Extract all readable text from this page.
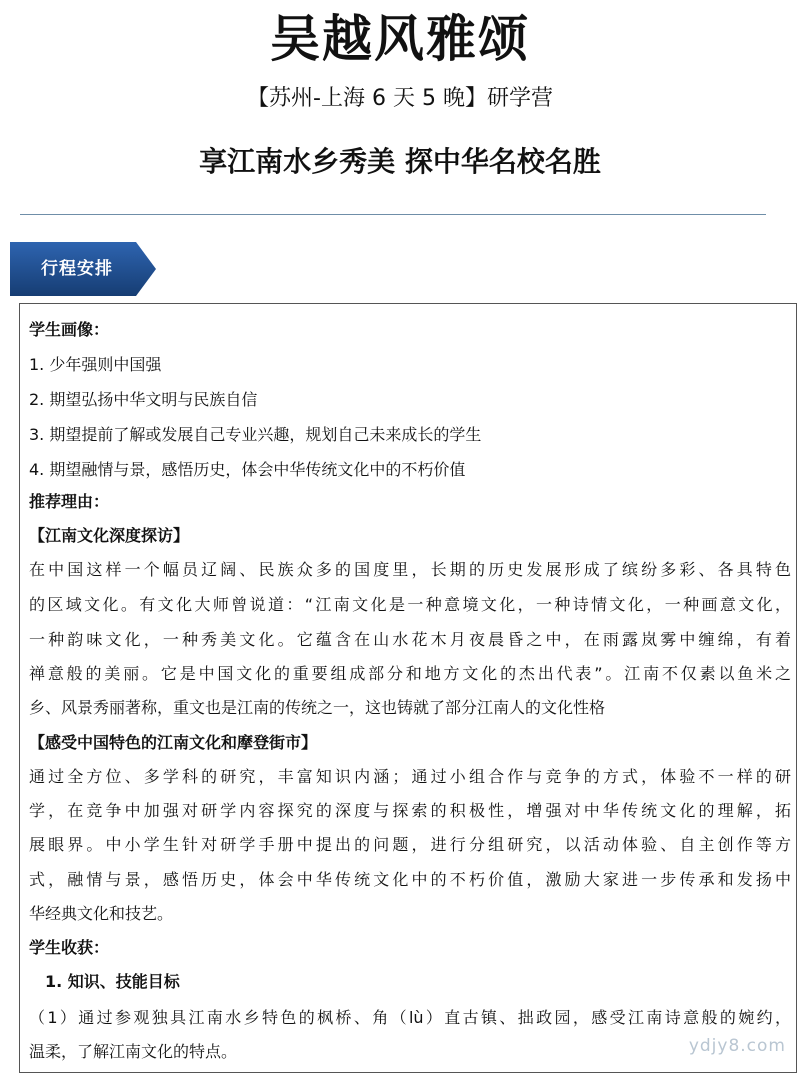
吴越风雅颂
【苏州-上海 6 天 5 晚】研学营
享江南水乡秀美 探中华名校名胜
行程安排
学生画像：
1. 少年强则中国强
2. 期望弘扬中华文明与民族自信
3. 期望提前了解或发展自己专业兴趣，规划自己未来成长的学生
4. 期望融情与景，感悟历史，体会中华传统文化中的不朽价值
推荐理由：
【江南文化深度探访】
在中国这样一个幅员辽阔、民族众多的国度里，长期的历史发展形成了缤纷多彩、各具特色
的区域文化。有文化大师曾说道：“江南文化是一种意境文化，一种诗情文化，一种画意文化，
一种韵味文化，一种秀美文化。它蕴含在山水花木月夜晨昏之中，在雨露岚雾中缠绵，有着
禅意般的美丽。它是中国文化的重要组成部分和地方文化的杰出代表”。江南不仅素以鱼米之
乡、风景秀丽著称，重文也是江南的传统之一，这也铸就了部分江南人的文化性格
【感受中国特色的江南文化和摩登街市】
通过全方位、多学科的研究，丰富知识内涵；通过小组合作与竞争的方式，体验不一样的研
学，在竞争中加强对研学内容探究的深度与探索的积极性，增强对中华传统文化的理解，拓
展眼界。中小学生针对研学手册中提出的问题，进行分组研究，以活动体验、自主创作等方
式，融情与景，感悟历史，体会中华传统文化中的不朽价值，激励大家进一步传承和发扬中
华经典文化和技艺。
学生收获：
1. 知识、技能目标
（1）通过参观独具江南水乡特色的枫桥、角（lù）直古镇、拙政园，感受江南诗意般的婉约，
温柔，了解江南文化的特点。	ydjy8.com
